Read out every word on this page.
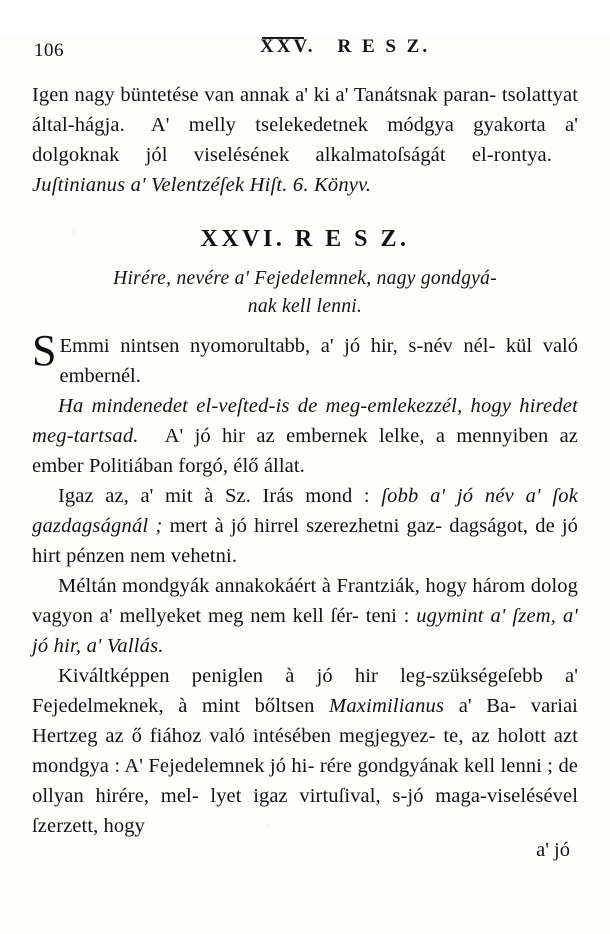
106	XXV. R E S Z.

Igen nagy büntetése van annak a' ki a' Tanátsnak paran- tsolattyat által-hágja. A' melly tselekedetnek módgya gyakorta a' dolgoknak jól viselésének alkalmatoſságát el-rontya.Juſtinianus a' Velentzéſek Hiſt. 6. Könyv.

XXVI. R E S Z.
Hirére, nevére a' Fejedelemnek, nagy gondgyá-
nak kell lenni.

S Emmi nintsen nyomorultabb, a' jó hir, s-név nél- kül való embernél.

Ha mindenedet el-veſted-is de meg-emlekezzél, hogy hiredet meg-tartsad. A' jó hir az embernek lelke, a mennyiben az ember Politiában forgó, élő állat.

Igaz az, a' mit à Sz. Irás mond : ſobb a' jó név a' ſok gazdagságnál ; mert à jó hirrel szerezhetni gaz- dagságot, de jó hirt pénzen nem vehetni.

Méltán mondgyák annakokáért à Frantziák, hogy három dolog vagyon a' mellyeket meg nem kell ſér- teni : ugymint a' ſzem, a' jó hir, a' Vallás.

Kiváltképpen peniglen à jó hir leg-szükségeſebb a' Fejedelmeknek, à mint bőltsen Maximilianus a' Ba- variai Hertzeg az ő fiához való intésében megjegyez- te, az holott azt mondgya : A' Fejedelemnek jó hi- rére gondgyának kell lenni ; de ollyan hirére, mel- lyet igaz virtuſival, s-jó maga-viselésével ſzerzett, hogy

a' jó
